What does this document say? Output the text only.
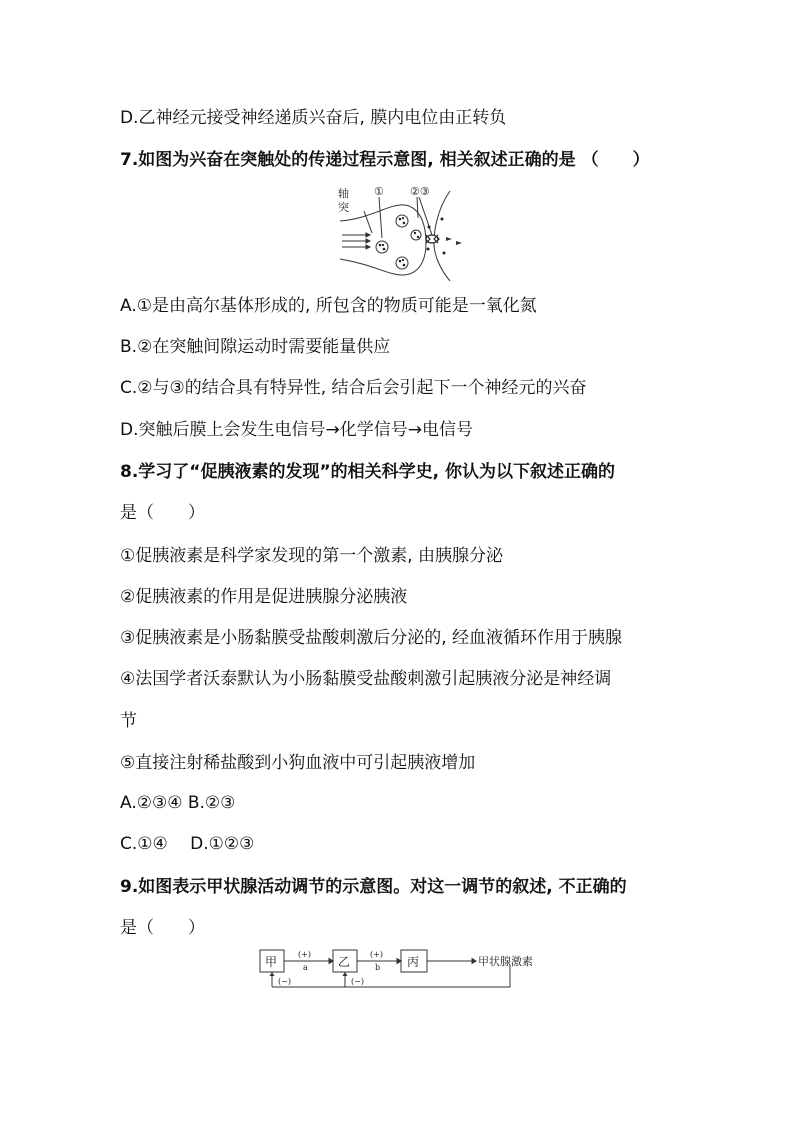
D.乙神经元接受神经递质兴奋后, 膜内电位由正转负
7.如图为兴奋在突触处的传递过程示意图, 相关叙述正确的是 （　　）
轴
突
① ②③
A.①是由高尔基体形成的, 所包含的物质可能是一氧化氮
B.②在突触间隙运动时需要能量供应
C.②与③的结合具有特异性, 结合后会引起下一个神经元的兴奋
D.突触后膜上会发生电信号→化学信号→电信号
8.学习了“促胰液素的发现”的相关科学史, 你认为以下叙述正确的
是（　　）
①促胰液素是科学家发现的第一个激素, 由胰腺分泌
②促胰液素的作用是促进胰腺分泌胰液
③促胰液素是小肠黏膜受盐酸刺激后分泌的, 经血液循环作用于胰腺
④法国学者沃泰默认为小肠黏膜受盐酸刺激引起胰液分泌是神经调
节
⑤直接注射稀盐酸到小狗血液中可引起胰液增加
A.②③④ B.②③
C.①④　 D.①②③
9.如图表示甲状腺活动调节的示意图。对这一调节的叙述, 不正确的
是（　　）
甲	乙	丙
(+)
a
(+)
b	甲状腺激素
(−)	(−)
